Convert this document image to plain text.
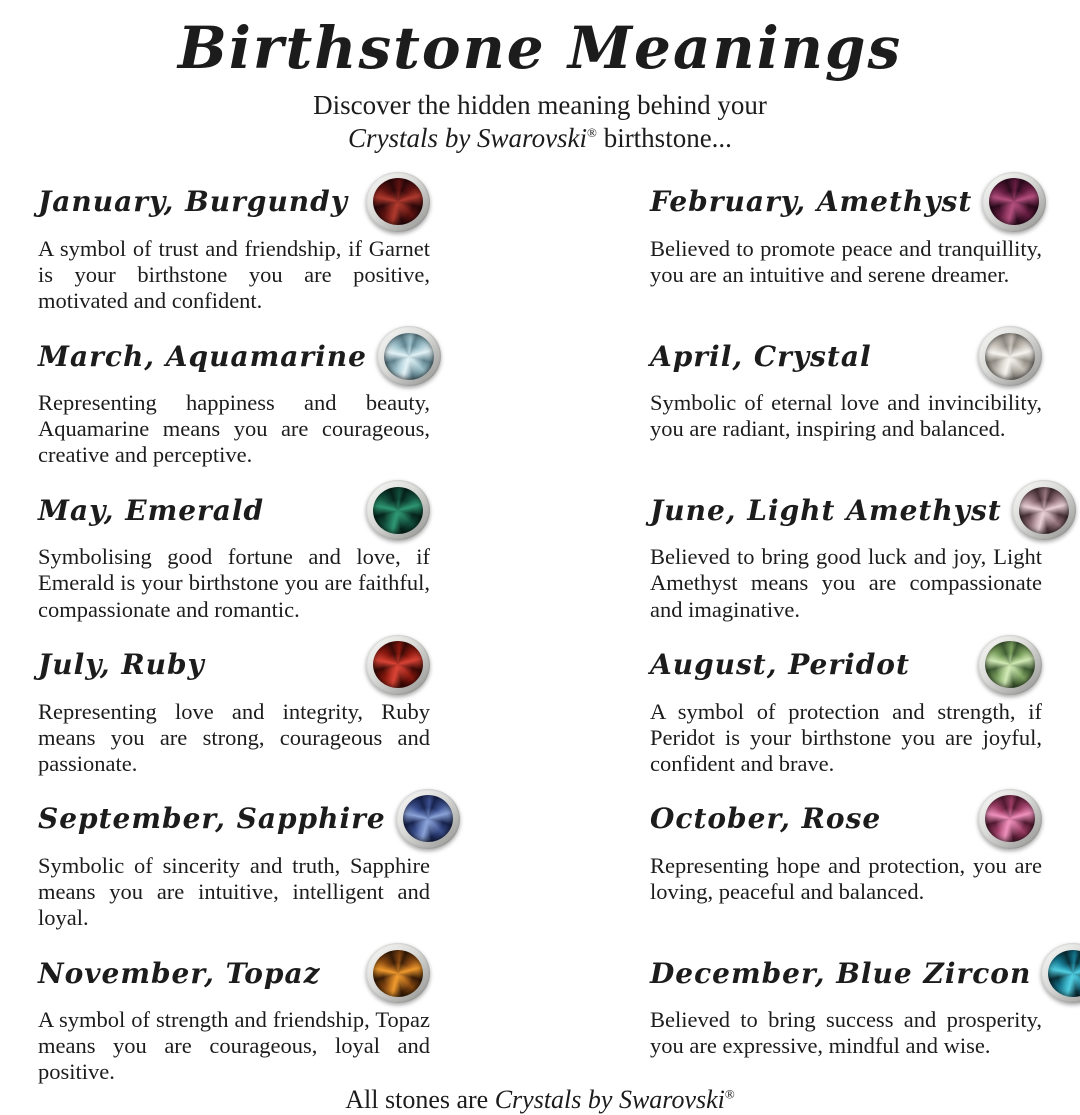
Birthstone Meanings

Discover the hidden meaning behind your
Crystals by Swarovski® birthstone...

January, Burgundy

A symbol of trust and friendship, if Garnet is your birthstone you are positive, motivated and confident.

February, Amethyst

Believed to promote peace and tranquillity, you are an intuitive and serene dreamer.

March, Aquamarine

Representing happiness and beauty, Aquamarine means you are courageous, creative and perceptive.

April, Crystal

Symbolic of eternal love and invincibility, you are radiant, inspiring and balanced.

May, Emerald

Symbolising good fortune and love, if Emerald is your birthstone you are faithful, compassionate and romantic.

June, Light Amethyst

Believed to bring good luck and joy, Light Amethyst means you are compassionate and imaginative.

July, Ruby

Representing love and integrity, Ruby means you are strong, courageous and passionate.

August, Peridot

A symbol of protection and strength, if Peridot is your birthstone you are joyful, confident and brave.

September, Sapphire

Symbolic of sincerity and truth, Sapphire means you are intuitive, intelligent and loyal.

October, Rose

Representing hope and protection, you are loving, peaceful and balanced.

November, Topaz

A symbol of strength and friendship, Topaz means you are courageous, loyal and positive.

December, Blue Zircon

Believed to bring success and prosperity, you are expressive, mindful and wise.

All stones are Crystals by Swarovski®
